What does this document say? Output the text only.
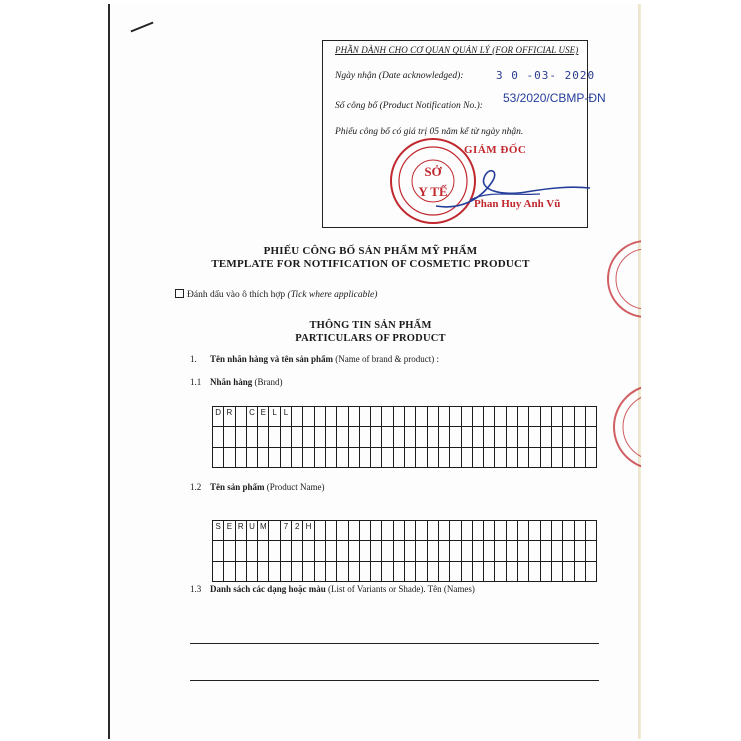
PHẦN DÀNH CHO CƠ QUAN QUẢN LÝ (FOR OFFICIAL USE)
Ngày nhận (Date acknowledged):
Số công bố (Product Notification No.):
Phiếu công bố có giá trị 05 năm kể từ ngày nhận.
3 0 -03- 2020
53/2020/CBMP-ĐN
SỞ
Y TẾ
GIÁM ĐỐC
Phan Huy Anh Vũ
PHIẾU CÔNG BỐ SẢN PHẨM MỸ PHẨM
TEMPLATE FOR NOTIFICATION OF COSMETIC PRODUCT
Đánh dấu vào ô thích hợp (Tick where applicable)
THÔNG TIN SẢN PHẨM
PARTICULARS OF PRODUCT
1. Tên nhãn hàng và tên sản phẩm (Name of brand & product) :
1.1 Nhãn hàng (Brand)
D	R		C	E	L	L																											

1.2 Tên sản phẩm (Product Name)
S	E	R	U	M		7	2	H																									

1.3 Danh sách các dạng hoặc màu (List of Variants or Shade). Tên (Names)
